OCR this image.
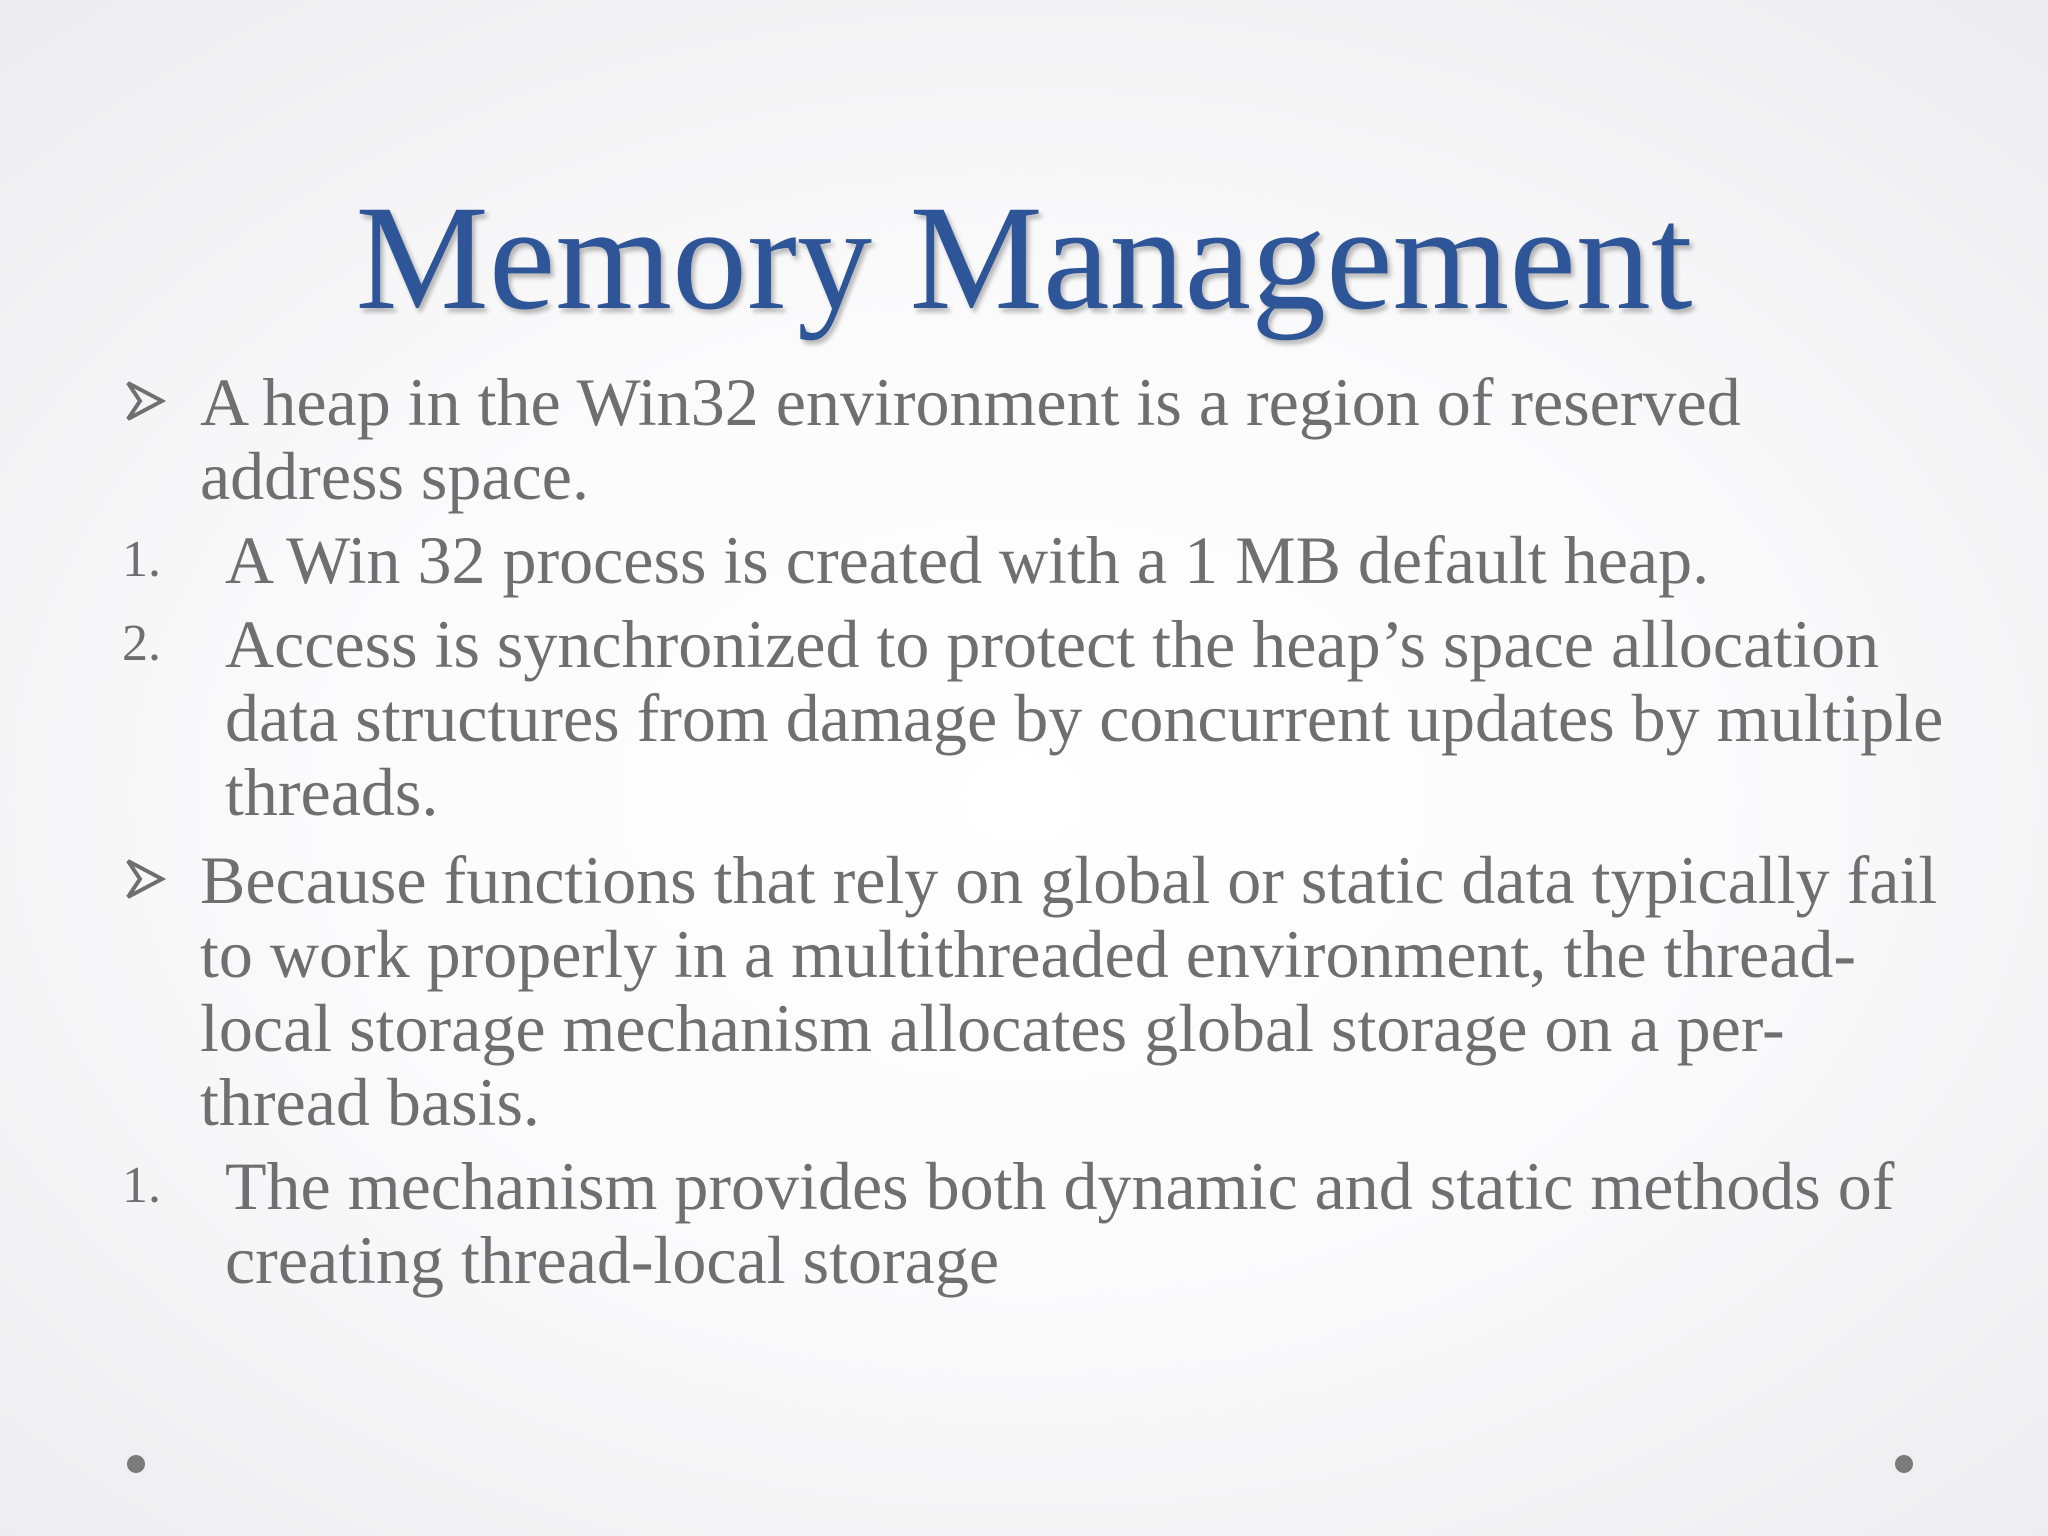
Memory Management
A heap in the Win32 environment is a region of reserved address space.
1. A Win 32 process is created with a 1 MB default heap.
2. Access is synchronized to protect the heap’s space allocation data structures from damage by concurrent updates by multiple threads.
Because functions that rely on global or static data typically fail to work properly in a multithreaded environment, the thread-local storage mechanism allocates global storage on a per-thread basis.
1. The mechanism provides both dynamic and static methods of creating thread-local storage
